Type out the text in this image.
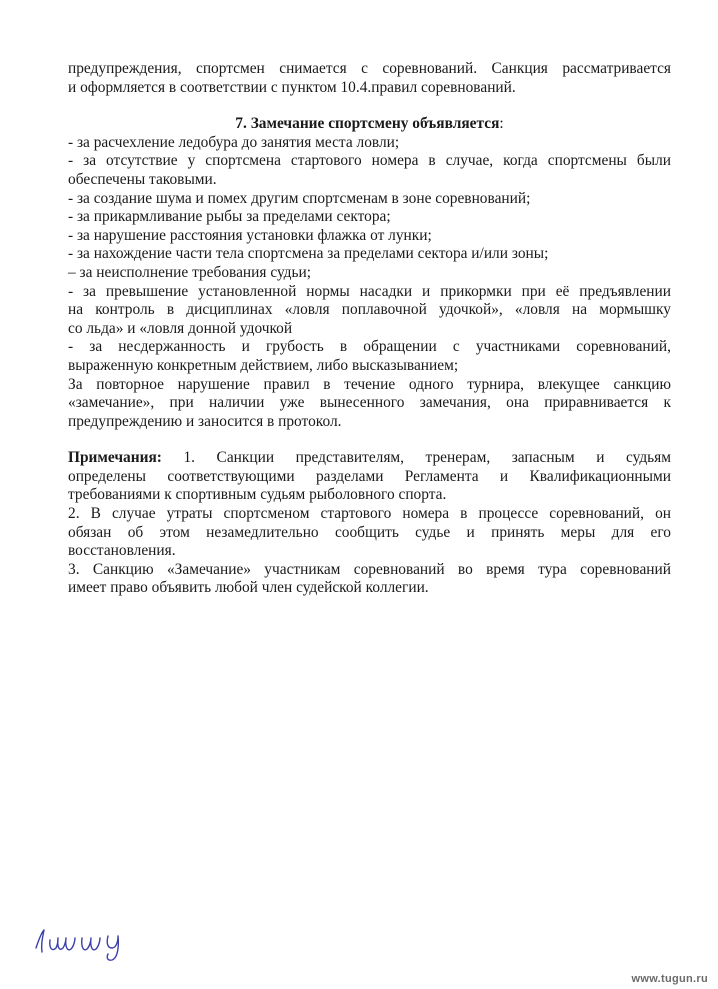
предупреждения, спортсмен снимается с соревнований. Санкция рассматривается

и оформляется в соответствии с пунктом 10.4.правил соревнований.

7. Замечание спортсмену объявляется:

- за расчехление ледобура до занятия места ловли;

- за отсутствие у спортсмена стартового номера в случае, когда спортсмены были

обеспечены таковыми.

- за создание шума и помех другим спортсменам в зоне соревнований;

- за прикармливание рыбы за пределами сектора;

- за нарушение расстояния установки флажка от лунки;

- за нахождение части тела спортсмена за пределами сектора и/или зоны;

– за неисполнение требования судьи;

- за превышение установленной нормы насадки и прикормки при её предъявлении

на контроль в дисциплинах «ловля поплавочной удочкой», «ловля на мормышку

со льда» и «ловля донной удочкой

- за несдержанность и грубость в обращении с участниками соревнований,

выраженную конкретным действием, либо высказыванием;

За повторное нарушение правил в течение одного турнира, влекущее санкцию

«замечание», при наличии уже вынесенного замечания, она приравнивается к

предупреждению и заносится в протокол.

Примечания: 1. Санкции представителям, тренерам, запасным и судьям

определены соответствующими разделами Регламента и Квалификационными

требованиями к спортивным судьям рыболовного спорта.

2. В случае утраты спортсменом стартового номера в процессе соревнований, он

обязан об этом незамедлительно сообщить судье и принять меры для его

восстановления.

3. Санкцию «Замечание» участникам соревнований во время тура соревнований

имеет право объявить любой член судейской коллегии.

www.tugun.ru
